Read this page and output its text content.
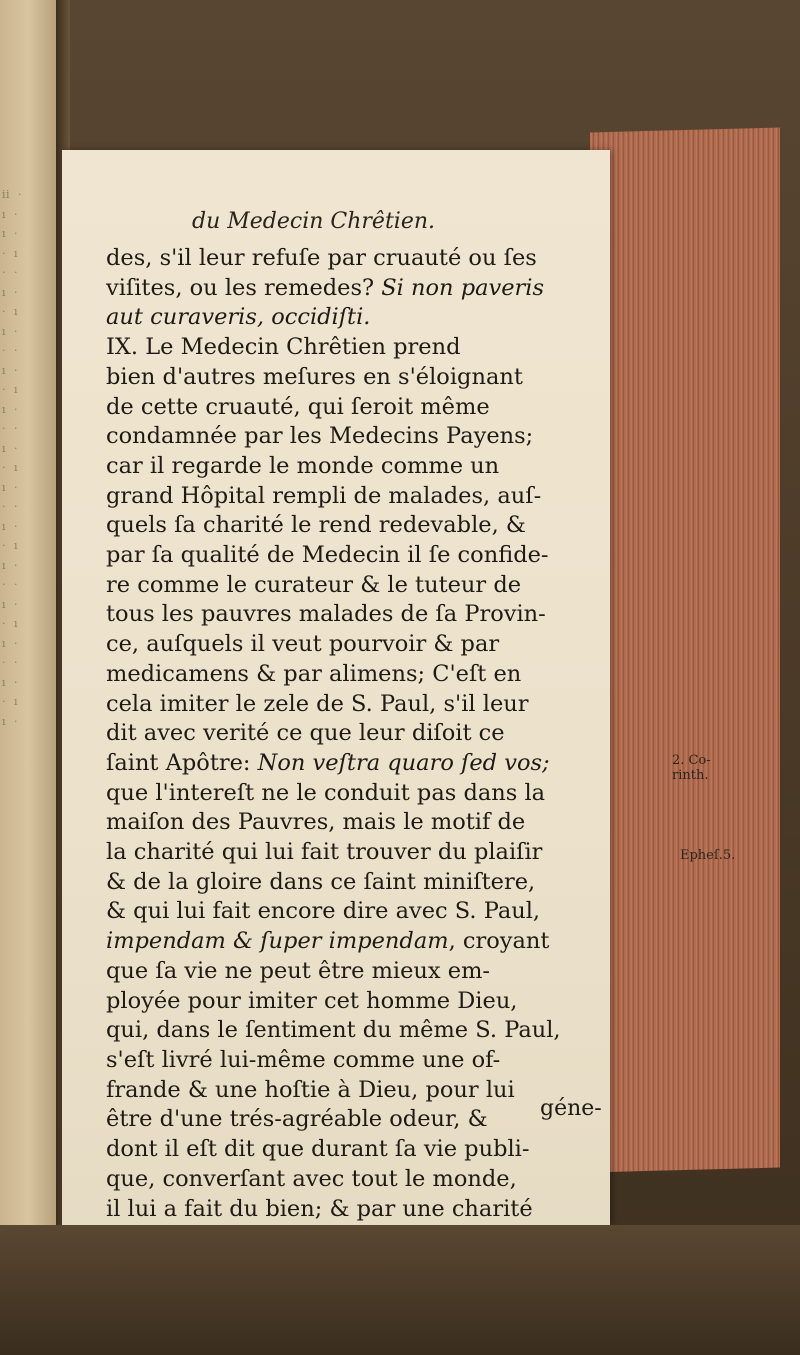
ii  ·
ı  ·
ı  ·
·  ı
·  ·
ı  ·
·  ı
ı  ·
·  ·
ı  ·
·  ı
ı  ·
·  ·
ı  ·
·  ı
ı  ·
·  ·
ı  ·
·  ı
ı  ·
·  ·
ı  ·
·  ı
ı  ·
·  ·
ı  ·
·  ı
ı  ·
du Medecin Chrêtien.
des, s'il leur refuſe par cruauté ou ſes
viſites, ou les remedes? Si non paveris
aut curaveris, occidiſti.
IX. Le Medecin Chrêtien prend
bien d'autres meſures en s'éloignant
de cette cruauté, qui ſeroit même
condamnée par les Medecins Payens;
car il regarde le monde comme un
grand Hôpital rempli de malades, auſ-
quels ſa charité le rend redevable, &
par ſa qualité de Medecin il ſe confide-
re comme le curateur & le tuteur de
tous les pauvres malades de ſa Provin-
ce, auſquels il veut pourvoir & par
medicamens & par alimens; C'eſt en
cela imiter le zele de S. Paul, s'il leur
dit avec verité ce que leur diſoit ce
ſaint Apôtre: Non veſtra quaro ſed vos;
que l'intereſt ne le conduit pas dans la
maiſon des Pauvres, mais le motif de
la charité qui lui fait trouver du plaiſir
& de la gloire dans ce ſaint miniſtere,
& qui lui fait encore dire avec S. Paul,
impendam & ſuper impendam, croyant
que ſa vie ne peut être mieux em-
ployée pour imiter cet homme Dieu,
qui, dans le ſentiment du même S. Paul,
s'eſt livré lui-même comme une of-
frande & une hoſtie à Dieu, pour lui
être d'une trés-agréable odeur, &
dont il eſt dit que durant ſa vie publi-
que, converſant avec tout le monde,
il lui a fait du bien; & par une charité
géne-
2. Co-
rinth.
Epheſ.5.
